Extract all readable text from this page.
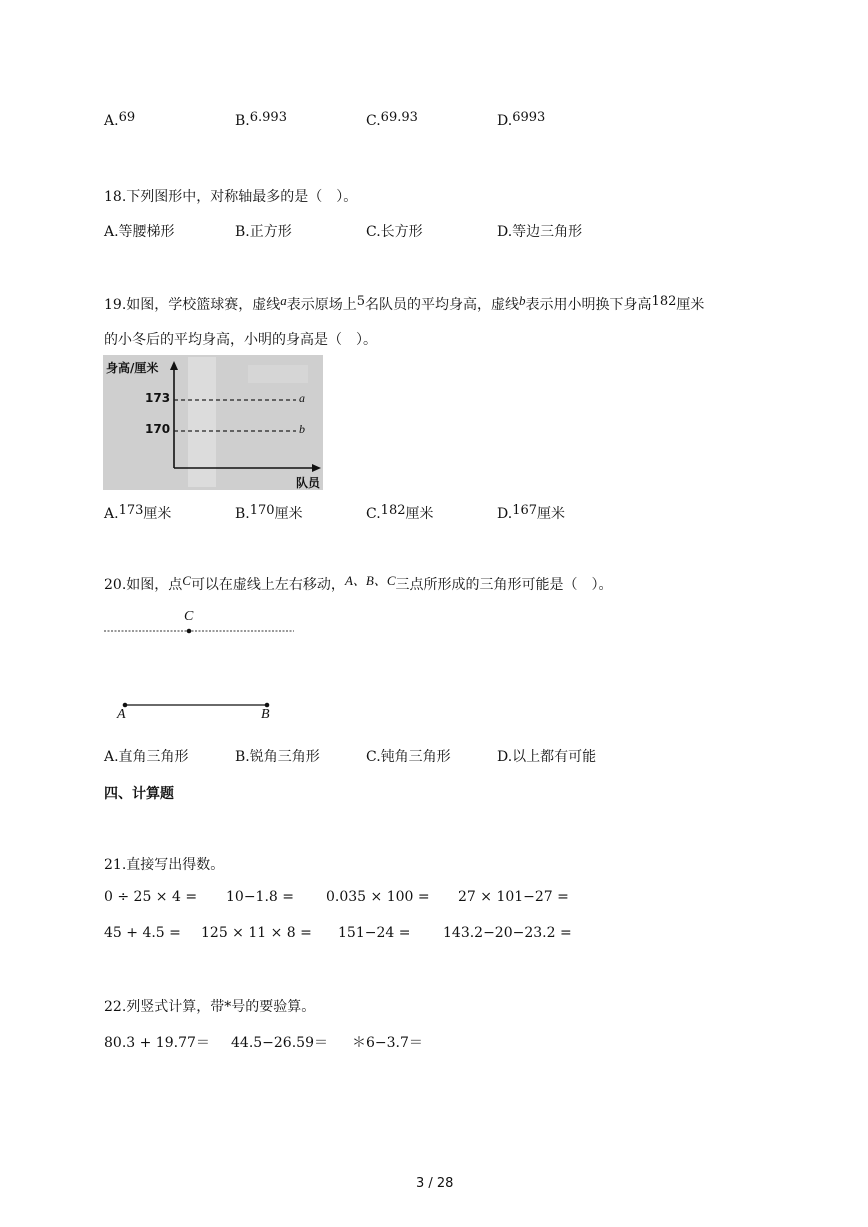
A.69	B.6.993	C.69.93	D.6993
18.下列图形中，对称轴最多的是（　）。
A.等腰梯形	B.正方形	C.长方形	D.等边三角形
19.如图，学校篮球赛，虚线a表示原场上5名队员的平均身高，虚线b表示用小明换下身高182厘米
的小冬后的平均身高，小明的身高是（　）。
身高/厘米
173
170
a
b
队员
A.173厘米	B.170厘米	C.182厘米	D.167厘米
20.如图，点C可以在虚线上左右移动，A、B、C三点所形成的三角形可能是（　）。
C
A	B
A.直角三角形	B.锐角三角形	C.钝角三角形	D.以上都有可能
四、计算题
21.直接写出得数。
0 ÷ 25 × 4 = 10−1.8 = 0.035 × 100 = 27 × 101−27 =
45 + 4.5 = 125 × 11 × 8 = 151−24 = 143.2−20−23.2 =
22.列竖式计算，带*号的要验算。
80.3 + 19.77＝ 44.5−26.59＝ ＊6−3.7＝
3 / 28
